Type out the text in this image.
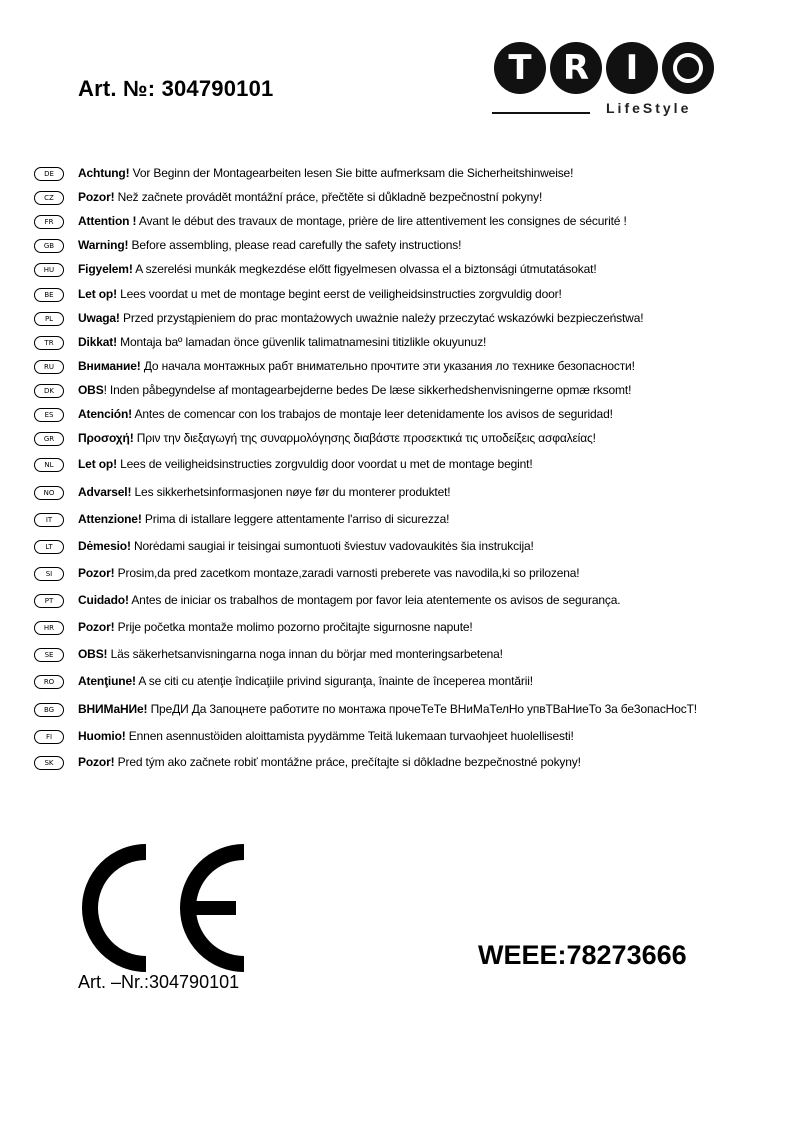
Art. №: 304790101
T R	I
LifeStyle
DE	Achtung! Vor Beginn der Montagearbeiten lesen Sie bitte aufmerksam die Sicherheitshinweise!
CZ	Pozor! Než začnete provádět montážní práce, přečtěte si důkladně bezpečnostní pokyny!
FR	Attention ! Avant le début des travaux de montage, prière de lire attentivement les consignes de sécurité !
GB	Warning! Before assembling, please read carefully the safety instructions!
HU	Figyelem! A szerelési munkák megkezdése előtt figyelmesen olvassa el a biztonsági útmutatásokat!
BE	Let op! Lees voordat u met de montage begint eerst de veiligheidsinstructies zorgvuldig door!
PL	Uwaga! Przed przystąpieniem do prac montażowych uważnie należy przeczytać wskazówki bezpieczeństwa!
TR	Dikkat! Montaja baº lamadan önce güvenlik talimatnamesini titizlikle okuyunuz!
RU	Внимание! До начала монтажных рабт внимательно прочтите эти указания ло технике безопасности!
DK	OBS! Inden påbegyndelse af montagearbejderne bedes De læse sikkerhedshenvisningerne opmæ rksomt!
ES	Atención! Antes de comencar con los trabajos de montaje leer detenidamente los avisos de seguridad!
GR	Προσοχή! Πριν την διεξαγωγή της συναρμολόγησης διαβάστε προσεκτικά τις υποδείξεις ασφαλείας!
NL	Let op! Lees de veiligheidsinstructies zorgvuldig door voordat u met de montage begint!
NO	Advarsel! Les sikkerhetsinformasjonen nøye før du monterer produktet!
IT	Attenzione! Prima di istallare leggere attentamente l'arriso di sicurezza!
LT	Dėmesio! Norėdami saugiai ir teisingai sumontuoti šviestuv vadovaukitės šia instrukcija!
SI	Pozor! Prosim,da pred zacetkom montaze,zaradi varnosti preberete vas navodila,ki so prilozena!
PT	Cuidado! Antes de iniciar os trabalhos de montagem por favor leia atentemente os avisos de segurança.
HR	Pozor! Prije početka montaže molimo pozorno pročitajte sigurnosne napute!
SE	OBS! Läs säkerhetsanvisningarna noga innan du börjar med monteringsarbetena!
RO	Atenţiune! A se citi cu atenţie îndicaţiile privind siguranţa, înainte de începerea montării!
BG	ВНИМаНИе! ПреДИ Да 3апоцнете работите по монтажа прочеТеТе ВНиМаТелНо упвТВаНиеТо 3а бе3опасНосТ!
FI	Huomio! Ennen asennustöiden aloittamista pyydämme Teitä lukemaan turvaohjeet huolellisesti!
SK	Pozor! Pred tým ako začnete robiť montážne práce, prečítajte si dôkladne bezpečnostné pokyny!
Art. –Nr.:304790101
WEEE:78273666
